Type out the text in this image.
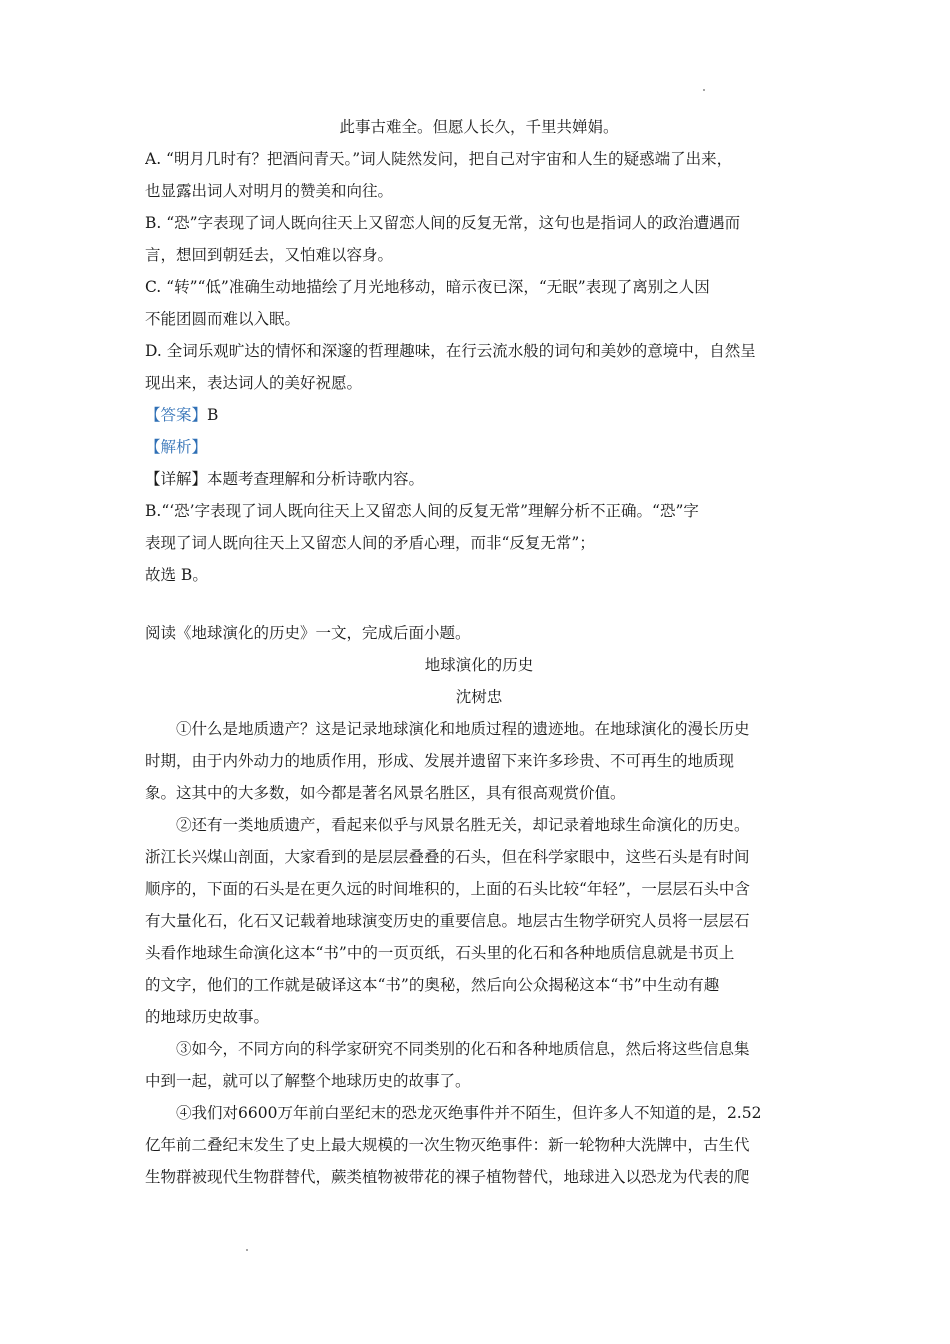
此事古难全。但愿人长久，千里共婵娟。
A. “明月几时有？把酒问青天。”词人陡然发问，把自己对宇宙和人生的疑惑端了出来，
也显露出词人对明月的赞美和向往。
B. “恐”字表现了词人既向往天上又留恋人间的反复无常，这句也是指词人的政治遭遇而
言，想回到朝廷去，又怕难以容身。
C. “转”“低”准确生动地描绘了月光地移动，暗示夜已深，“无眠”表现了离别之人因
不能团圆而难以入眠。
D. 全词乐观旷达的情怀和深邃的哲理趣味，在行云流水般的词句和美妙的意境中，自然呈
现出来，表达词人的美好祝愿。
【答案】B
【解析】
【详解】本题考查理解和分析诗歌内容。
B.“‘恐’字表现了词人既向往天上又留恋人间的反复无常”理解分析不正确。“恐”字
表现了词人既向往天上又留恋人间的矛盾心理，而非“反复无常”；
故选 B。
阅读《地球演化的历史》一文，完成后面小题。
地球演化的历史
沈树忠
①什么是地质遗产？这是记录地球演化和地质过程的遗迹地。在地球演化的漫长历史
时期，由于内外动力的地质作用，形成、发展并遗留下来许多珍贵、不可再生的地质现
象。这其中的大多数，如今都是著名风景名胜区，具有很高观赏价值。
②还有一类地质遗产，看起来似乎与风景名胜无关，却记录着地球生命演化的历史。
浙江长兴煤山剖面，大家看到的是层层叠叠的石头，但在科学家眼中，这些石头是有时间
顺序的，下面的石头是在更久远的时间堆积的，上面的石头比较“年轻”，一层层石头中含
有大量化石，化石又记载着地球演变历史的重要信息。地层古生物学研究人员将一层层石
头看作地球生命演化这本“书”中的一页页纸，石头里的化石和各种地质信息就是书页上
的文字，他们的工作就是破译这本“书”的奥秘，然后向公众揭秘这本“书”中生动有趣
的地球历史故事。
③如今，不同方向的科学家研究不同类别的化石和各种地质信息，然后将这些信息集
中到一起，就可以了解整个地球历史的故事了。
④我们对6600万年前白垩纪末的恐龙灭绝事件并不陌生，但许多人不知道的是，2.52
亿年前二叠纪末发生了史上最大规模的一次生物灭绝事件：新一轮物种大洗牌中，古生代
生物群被现代生物群替代，蕨类植物被带花的裸子植物替代，地球进入以恐龙为代表的爬
